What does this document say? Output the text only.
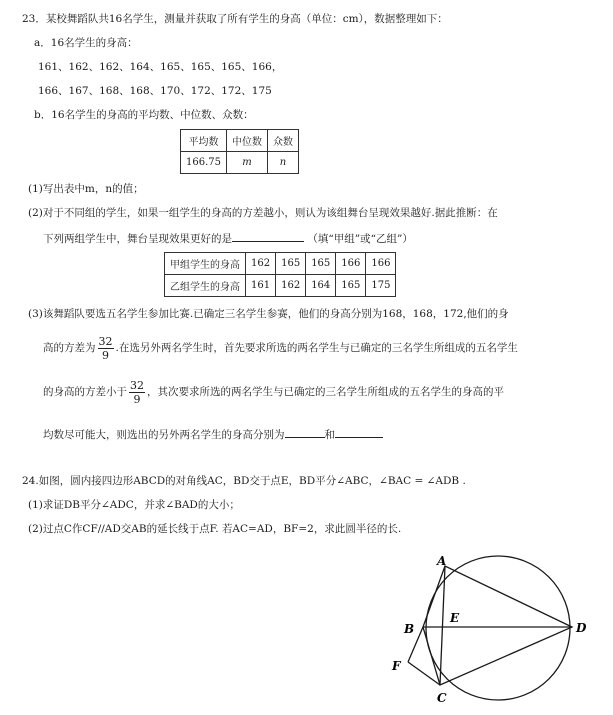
23．某校舞蹈队共16名学生，测量并获取了所有学生的身高（单位：cm），数据整理如下：
a．16名学生的身高：
161、162、162、164、165、165、165、166，
166、167、168、168、170、172、172、175
b．16名学生的身高的平均数、中位数、众数：
平均数	中位数	众数
166.75	m	n
(1)写出表中m，n的值；
(2)对于不同组的学生，如果一组学生的身高的方差越小，则认为该组舞台呈现效果越好.据此推断：在
下列两组学生中，舞台呈现效果更好的是	（填“甲组”或“乙组”）
甲组学生的身高	162	165	165	166	166
乙组学生的身高	161	162	164	165	175
(3)该舞蹈队要选五名学生参加比赛.已确定三名学生参赛，他们的身高分别为168，168，172,他们的身
高的方差为 $\frac{32}{9}$ .在选另外两名学生时，首先要求所选的两名学生与已确定的三名学生所组成的五名学生
的身高的方差小于 $\frac{32}{9}$ ，其次要求所选的两名学生与已确定的三名学生所组成的五名学生的身高的平
均数尽可能大，则选出的另外两名学生的身高分别为	和
24.如图，圆内接四边形ABCD的对角线AC，BD交于点E，BD平分∠ABC，∠BAC = ∠ADB .
(1)求证DB平分∠ADC，并求∠BAD的大小；
(2)过点C作CF//AD交AB的延长线于点F. 若AC=AD，BF=2，求此圆半径的长.
A
B
C
D
E
F
